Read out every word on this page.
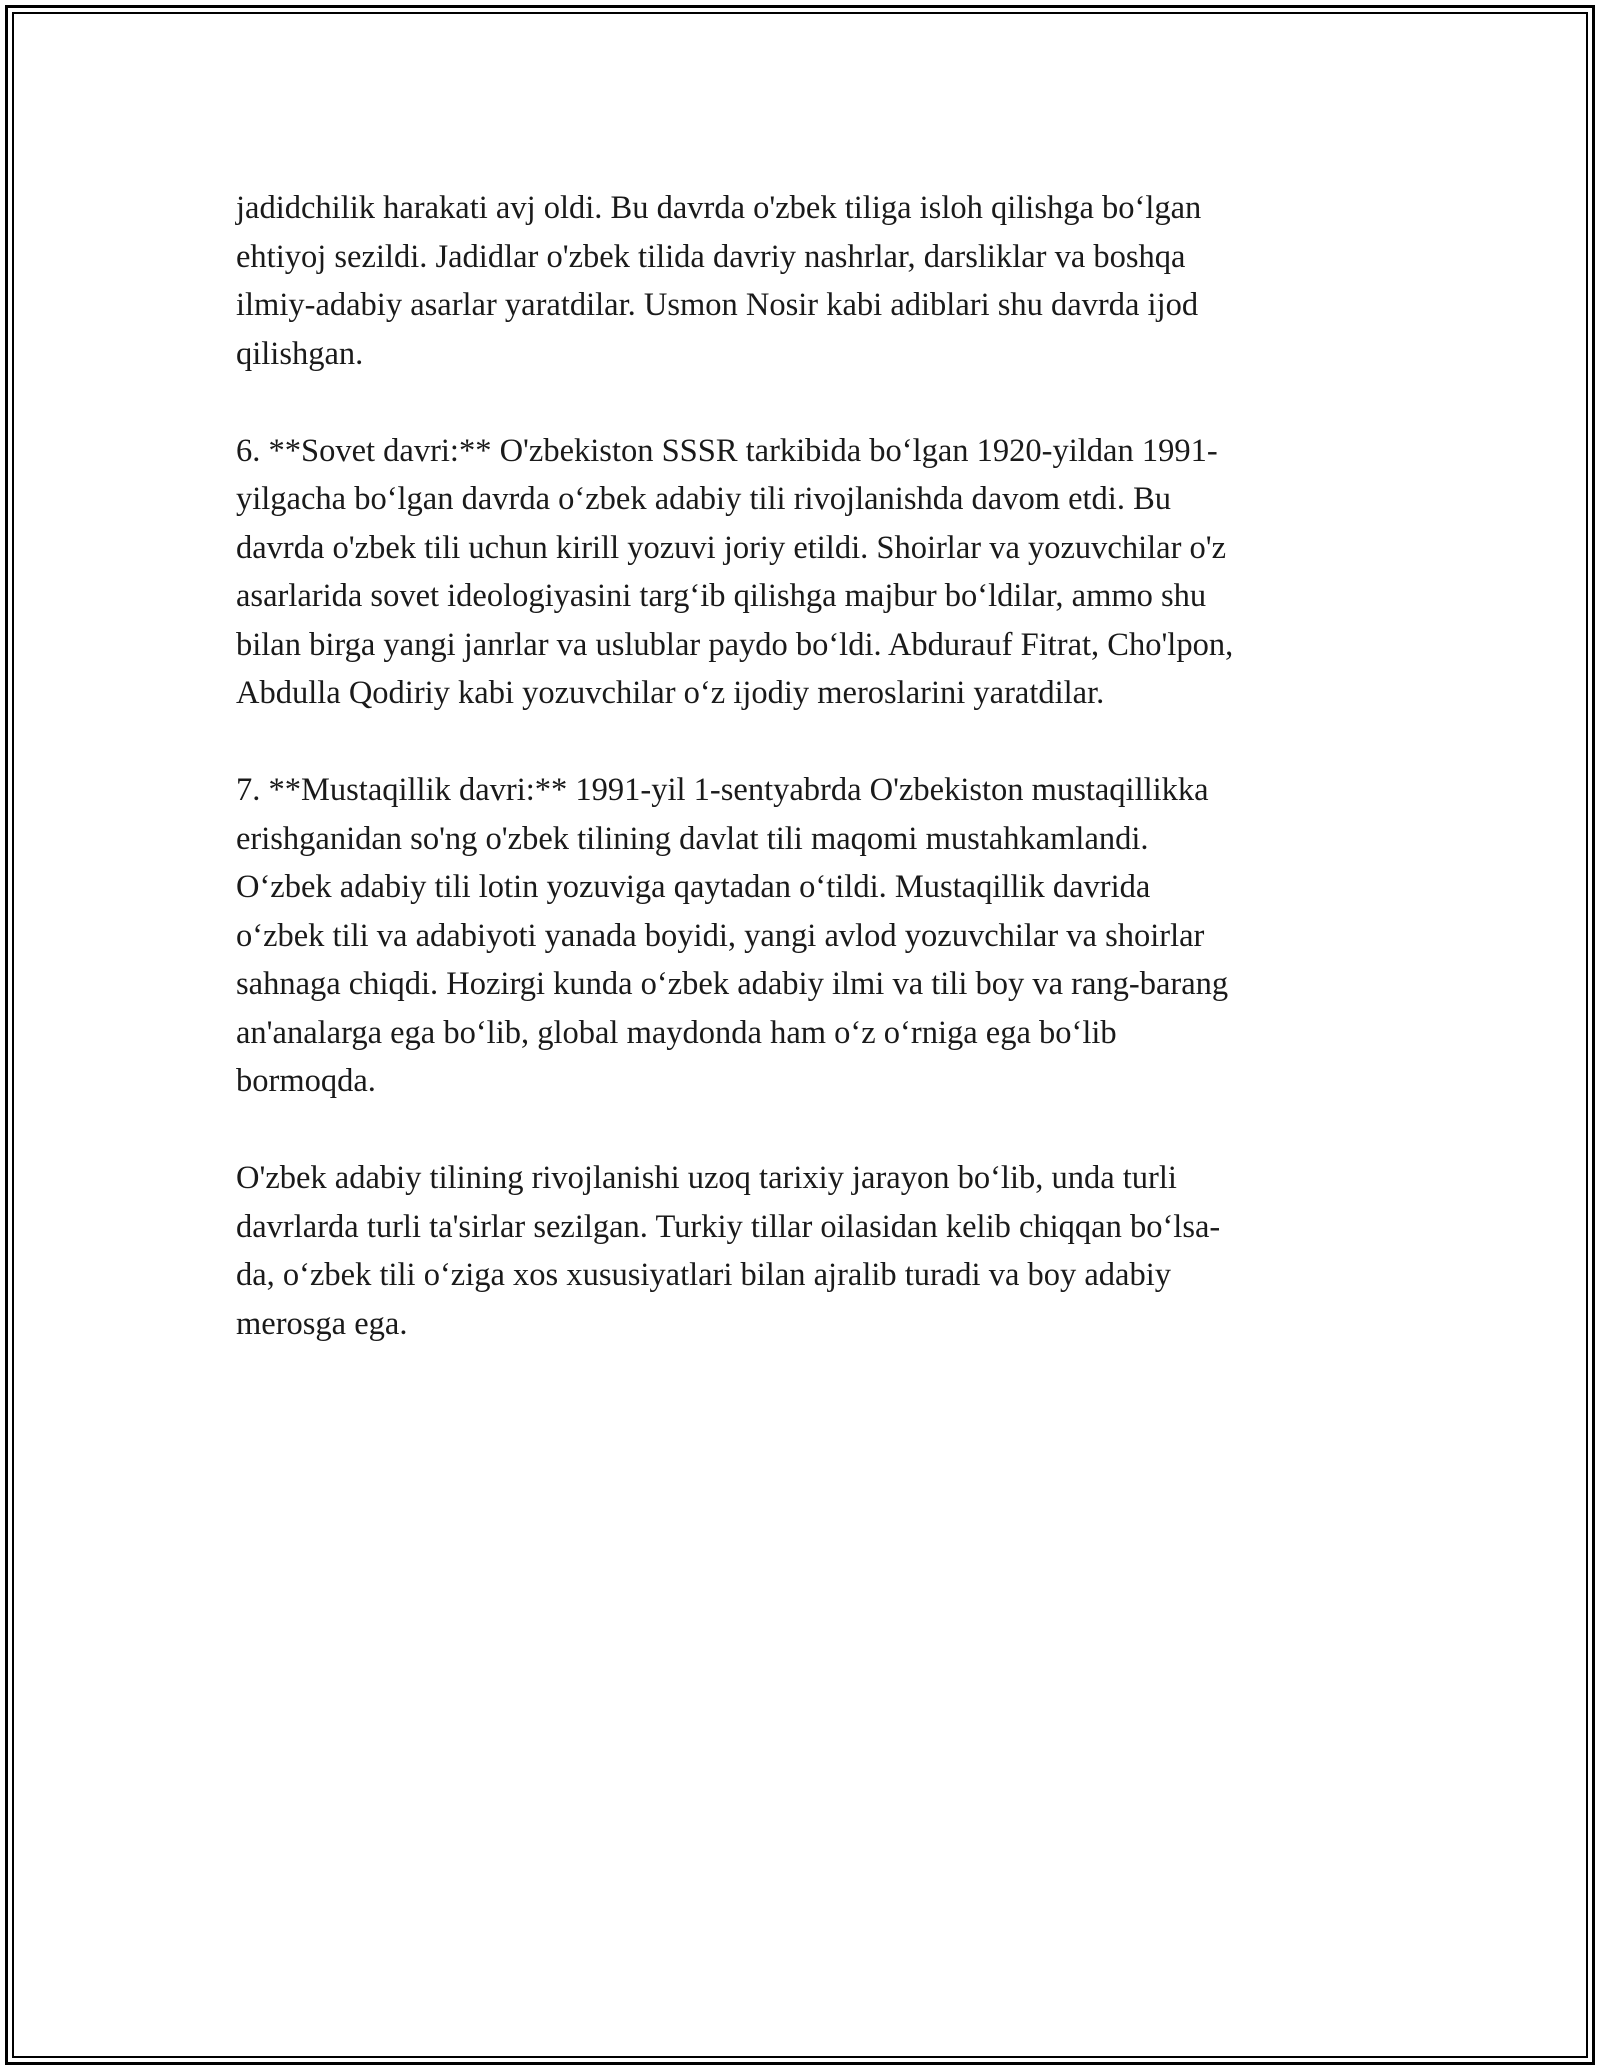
jadidchilik harakati avj oldi. Bu davrda o'zbek tiliga isloh qilishga bo‘lgan
ehtiyoj sezildi. Jadidlar o'zbek tilida davriy nashrlar, darsliklar va boshqa
ilmiy-adabiy asarlar yaratdilar. Usmon Nosir kabi adiblari shu davrda ijod
qilishgan.

6. **Sovet davri:** O'zbekiston SSSR tarkibida bo‘lgan 1920-yildan 1991-
yilgacha bo‘lgan davrda o‘zbek adabiy tili rivojlanishda davom etdi. Bu
davrda o'zbek tili uchun kirill yozuvi joriy etildi. Shoirlar va yozuvchilar o'z
asarlarida sovet ideologiyasini targ‘ib qilishga majbur bo‘ldilar, ammo shu
bilan birga yangi janrlar va uslublar paydo bo‘ldi. Abdurauf Fitrat, Cho'lpon,
Abdulla Qodiriy kabi yozuvchilar o‘z ijodiy meroslarini yaratdilar.

7. **Mustaqillik davri:** 1991-yil 1-sentyabrda O'zbekiston mustaqillikka
erishganidan so'ng o'zbek tilining davlat tili maqomi mustahkamlandi.
O‘zbek adabiy tili lotin yozuviga qaytadan o‘tildi. Mustaqillik davrida
o‘zbek tili va adabiyoti yanada boyidi, yangi avlod yozuvchilar va shoirlar
sahnaga chiqdi. Hozirgi kunda o‘zbek adabiy ilmi va tili boy va rang-barang
an'analarga ega bo‘lib, global maydonda ham o‘z o‘rniga ega bo‘lib
bormoqda.

O'zbek adabiy tilining rivojlanishi uzoq tarixiy jarayon bo‘lib, unda turli
davrlarda turli ta'sirlar sezilgan. Turkiy tillar oilasidan kelib chiqqan bo‘lsa-
da, o‘zbek tili o‘ziga xos xususiyatlari bilan ajralib turadi va boy adabiy
merosga ega.
